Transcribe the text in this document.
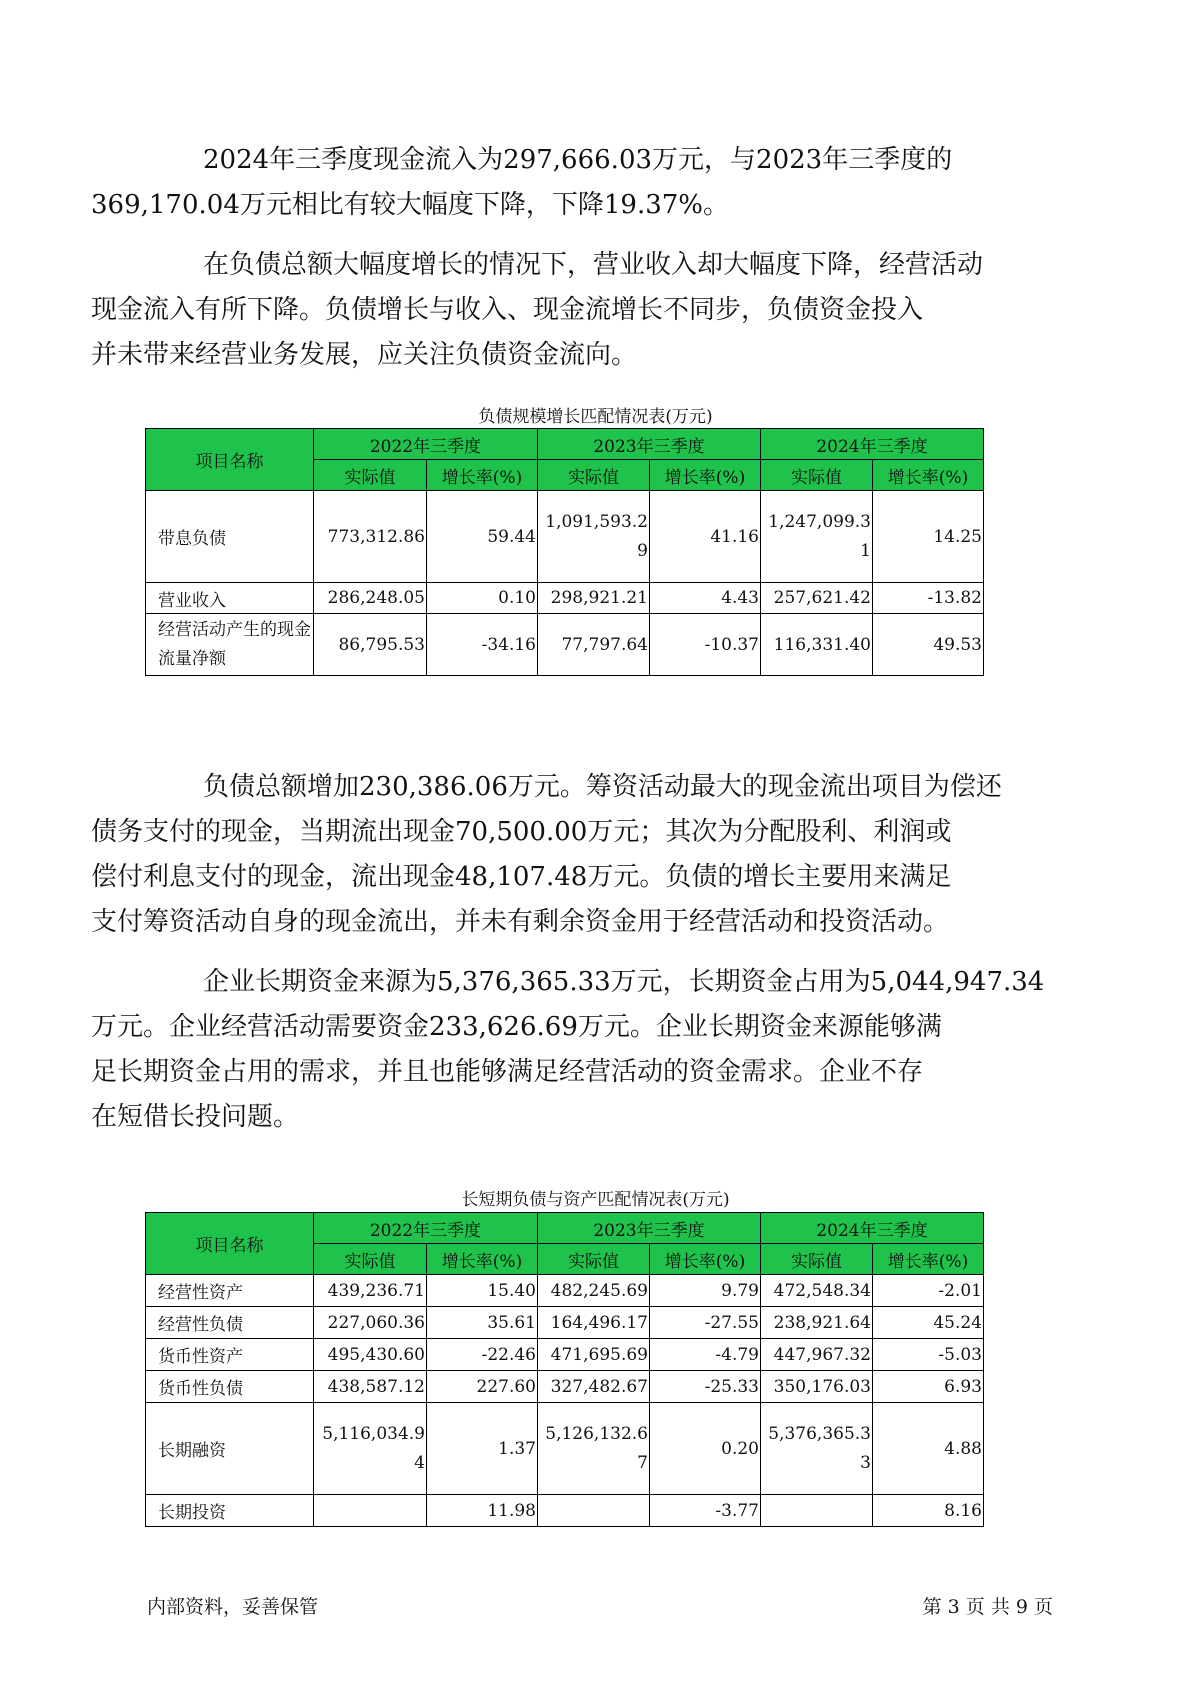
2024年三季度现金流入为297,666.03万元，与2023年三季度的
369,170.04万元相比有较大幅度下降，下降19.37%。

在负债总额大幅度增长的情况下，营业收入却大幅度下降，经营活动
现金流入有所下降。负债增长与收入、现金流增长不同步，负债资金投入
并未带来经营业务发展，应关注负债资金流向。

负债规模增长匹配情况表(万元)

项目名称	2022年三季度		2023年三季度		2024年三季度	
	实际值	增长率(%)	实际值	增长率(%)	实际值	增长率(%)
带息负债	773,312.86	59.44	1,091,593.29	41.16	1,247,099.31	14.25
营业收入	286,248.05	0.10	298,921.21	4.43	257,621.42	-13.82
经营活动产生的现金流量净额	86,795.53	-34.16	77,797.64	-10.37	116,331.40	49.53

负债总额增加230,386.06万元。筹资活动最大的现金流出项目为偿还
债务支付的现金，当期流出现金70,500.00万元；其次为分配股利、利润或
偿付利息支付的现金，流出现金48,107.48万元。负债的增长主要用来满足
支付筹资活动自身的现金流出，并未有剩余资金用于经营活动和投资活动。

企业长期资金来源为5,376,365.33万元，长期资金占用为5,044,947.34
万元。企业经营活动需要资金233,626.69万元。企业长期资金来源能够满
足长期资金占用的需求，并且也能够满足经营活动的资金需求。企业不存
在短借长投问题。

长短期负债与资产匹配情况表(万元)

项目名称	2022年三季度		2023年三季度		2024年三季度	
	实际值	增长率(%)	实际值	增长率(%)	实际值	增长率(%)
经营性资产	439,236.71	15.40	482,245.69	9.79	472,548.34	-2.01
经营性负债	227,060.36	35.61	164,496.17	-27.55	238,921.64	45.24
货币性资产	495,430.60	-22.46	471,695.69	-4.79	447,967.32	-5.03
货币性负债	438,587.12	227.60	327,482.67	-25.33	350,176.03	6.93
长期融资	5,116,034.94	1.37	5,126,132.67	0.20	5,376,365.33	4.88
长期投资		11.98		-3.77		8.16

内部资料，妥善保管	第 3 页 共 9 页
